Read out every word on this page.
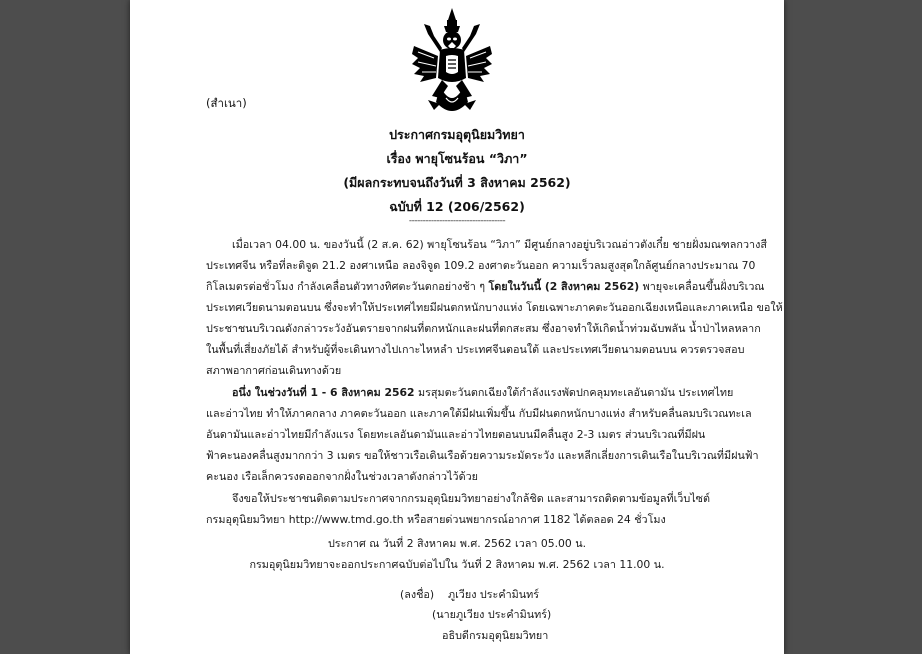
(สำเนา)
ประกาศกรมอุตุนิยมวิทยา
เรื่อง พายุโซนร้อน “วิภา”
(มีผลกระทบจนถึงวันที่ 3 สิงหาคม 2562)
ฉบับที่ 12 (206/2562)
-----------------------------------
เมื่อเวลา 04.00 น. ของวันนี้ (2 ส.ค. 62) พายุโซนร้อน “วิภา” มีศูนย์กลางอยู่บริเวณอ่าวตังเกี๋ย ชายฝั่งมณฑลกวางสี
ประเทศจีน หรือที่ละติจูด 21.2 องศาเหนือ ลองจิจูด 109.2 องศาตะวันออก ความเร็วลมสูงสุดใกล้ศูนย์กลางประมาณ 70
กิโลเมตรต่อชั่วโมง กำลังเคลื่อนตัวทางทิศตะวันตกอย่างช้า ๆ โดยในวันนี้ (2 สิงหาคม 2562) พายุจะเคลื่อนขึ้นฝั่งบริเวณ
ประเทศเวียดนามตอนบน ซึ่งจะทำให้ประเทศไทยมีฝนตกหนักบางแห่ง โดยเฉพาะภาคตะวันออกเฉียงเหนือและภาคเหนือ ขอให้
ประชาชนบริเวณดังกล่าวระวังอันตรายจากฝนที่ตกหนักและฝนที่ตกสะสม ซึ่งอาจทำให้เกิดน้ำท่วมฉับพลัน น้ำป่าไหลหลาก
ในพื้นที่เสี่ยงภัยได้ สำหรับผู้ที่จะเดินทางไปเกาะไหหลำ ประเทศจีนตอนใต้ และประเทศเวียดนามตอนบน ควรตรวจสอบ
สภาพอากาศก่อนเดินทางด้วย
อนึ่ง ในช่วงวันที่ 1 - 6 สิงหาคม 2562 มรสุมตะวันตกเฉียงใต้กำลังแรงพัดปกคลุมทะเลอันดามัน ประเทศไทย
และอ่าวไทย ทำให้ภาคกลาง ภาคตะวันออก และภาคใต้มีฝนเพิ่มขึ้น กับมีฝนตกหนักบางแห่ง สำหรับคลื่นลมบริเวณทะเล
อันดามันและอ่าวไทยมีกำลังแรง โดยทะเลอันดามันและอ่าวไทยตอนบนมีคลื่นสูง 2-3 เมตร ส่วนบริเวณที่มีฝน
ฟ้าคะนองคลื่นสูงมากกว่า 3 เมตร ขอให้ชาวเรือเดินเรือด้วยความระมัดระวัง และหลีกเลี่ยงการเดินเรือในบริเวณที่มีฝนฟ้า
คะนอง เรือเล็กควรงดออกจากฝั่งในช่วงเวลาดังกล่าวไว้ด้วย
จึงขอให้ประชาชนติดตามประกาศจากกรมอุตุนิยมวิทยาอย่างใกล้ชิด และสามารถติดตามข้อมูลที่เว็บไซต์
กรมอุตุนิยมวิทยา http://www.tmd.go.th หรือสายด่วนพยากรณ์อากาศ 1182 ได้ตลอด 24 ชั่วโมง
ประกาศ ณ วันที่ 2 สิงหาคม พ.ศ. 2562 เวลา 05.00 น.
กรมอุตุนิยมวิทยาจะออกประกาศฉบับต่อไปใน วันที่ 2 สิงหาคม พ.ศ. 2562 เวลา 11.00 น.
(ลงชื่อ) ภูเวียง ประคำมินทร์
(นายภูเวียง ประคำมินทร์)
อธิบดีกรมอุตุนิยมวิทยา
